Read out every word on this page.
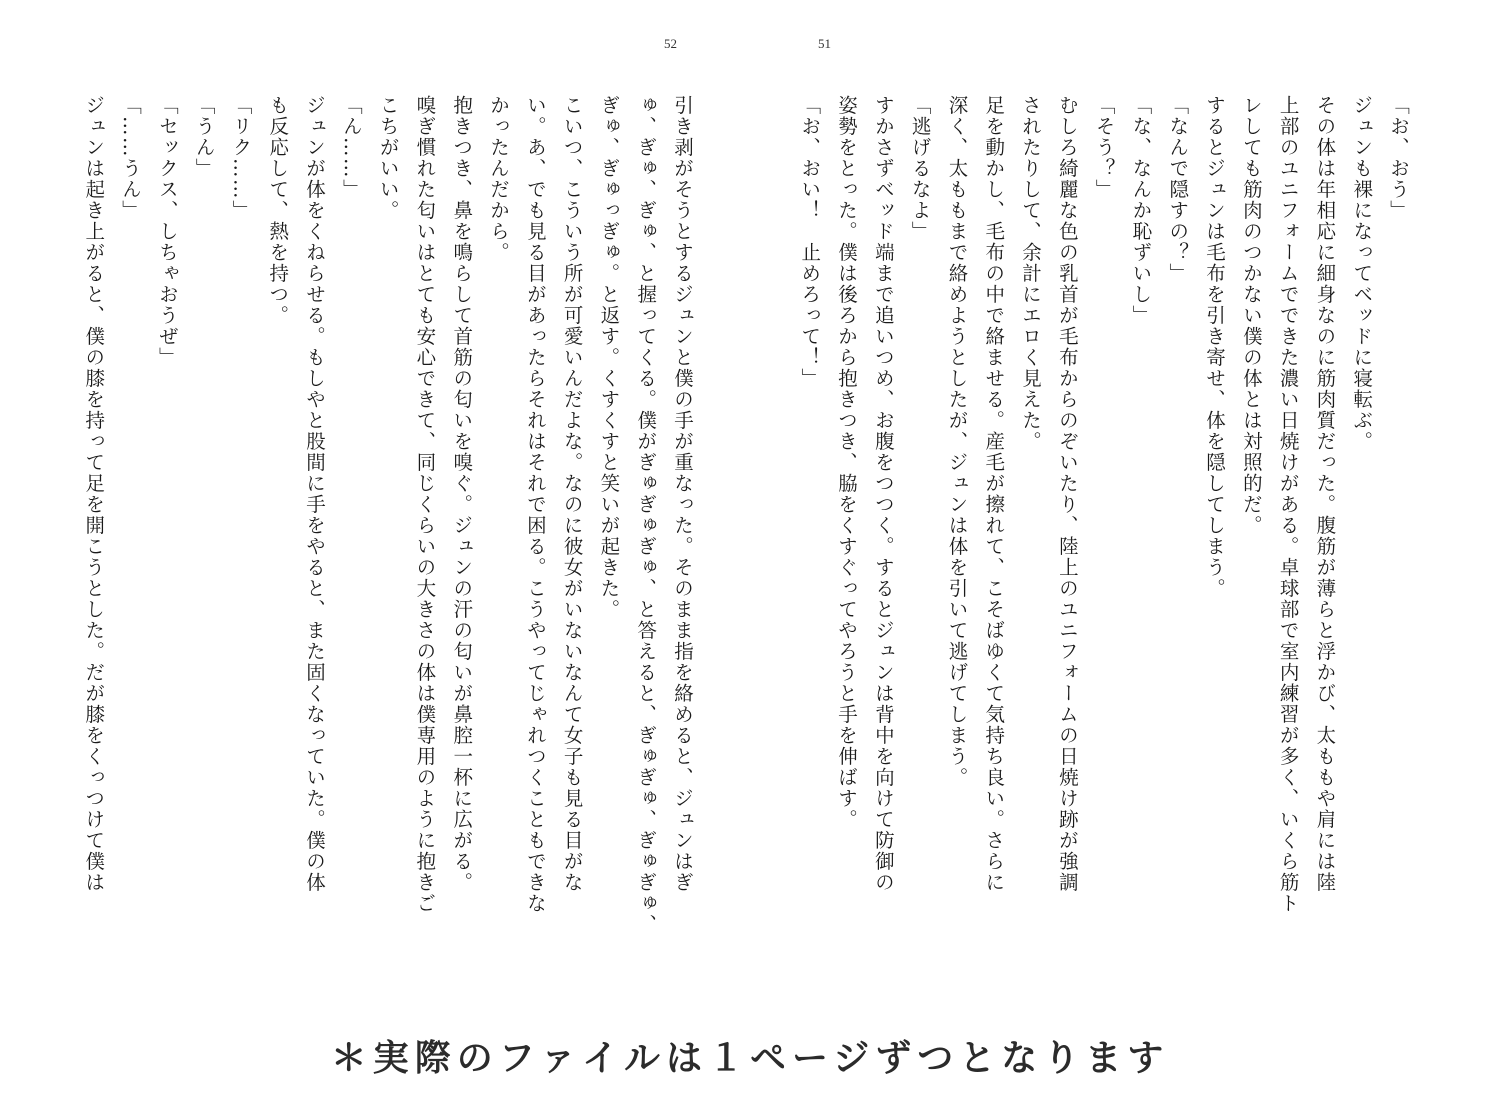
52	51
「お、おう」
ジュンも裸になってベッドに寝転ぶ。
その体は年相応に細身なのに筋肉質だった。腹筋が薄らと浮かび、太ももや肩には陸
上部のユニフォームでできた濃い日焼けがある。卓球部で室内練習が多く、いくら筋ト
レしても筋肉のつかない僕の体とは対照的だ。
するとジュンは毛布を引き寄せ、体を隠してしまう。
「なんで隠すの？」
「な、なんか恥ずいし」
「そう？」
むしろ綺麗な色の乳首が毛布からのぞいたり、陸上のユニフォームの日焼け跡が強調
されたりして、余計にエロく見えた。
足を動かし、毛布の中で絡ませる。産毛が擦れて、こそばゆくて気持ち良い。さらに
深く、太ももまで絡めようとしたが、ジュンは体を引いて逃げてしまう。
「逃げるなよ」
すかさずベッド端まで追いつめ、お腹をつつく。するとジュンは背中を向けて防御の
姿勢をとった。僕は後ろから抱きつき、脇をくすぐってやろうと手を伸ばす。
「お、おい！　止めろって！」
引き剥がそうとするジュンと僕の手が重なった。そのまま指を絡めると、ジュンはぎ
ゅ、ぎゅ、ぎゅ、と握ってくる。僕がぎゅぎゅぎゅ、と答えると、ぎゅぎゅ、ぎゅぎゅ、
ぎゅ、ぎゅっぎゅ。と返す。くすくすと笑いが起きた。
こいつ、こういう所が可愛いんだよな。なのに彼女がいないなんて女子も見る目がな
い。あ、でも見る目があったらそれはそれで困る。こうやってじゃれつくこともできな
かったんだから。
抱きつき、鼻を鳴らして首筋の匂いを嗅ぐ。ジュンの汗の匂いが鼻腔一杯に広がる。
嗅ぎ慣れた匂いはとても安心できて、同じくらいの大きさの体は僕専用のように抱きご
こちがいい。
「ん……」
ジュンが体をくねらせる。もしやと股間に手をやると、また固くなっていた。僕の体
も反応して、熱を持つ。
「リク……」
「うん」
「セックス、しちゃおうぜ」
「……うん」
ジュンは起き上がると、僕の膝を持って足を開こうとした。だが膝をくっつけて僕は
＊実際のファイルは１ページずつとなります
